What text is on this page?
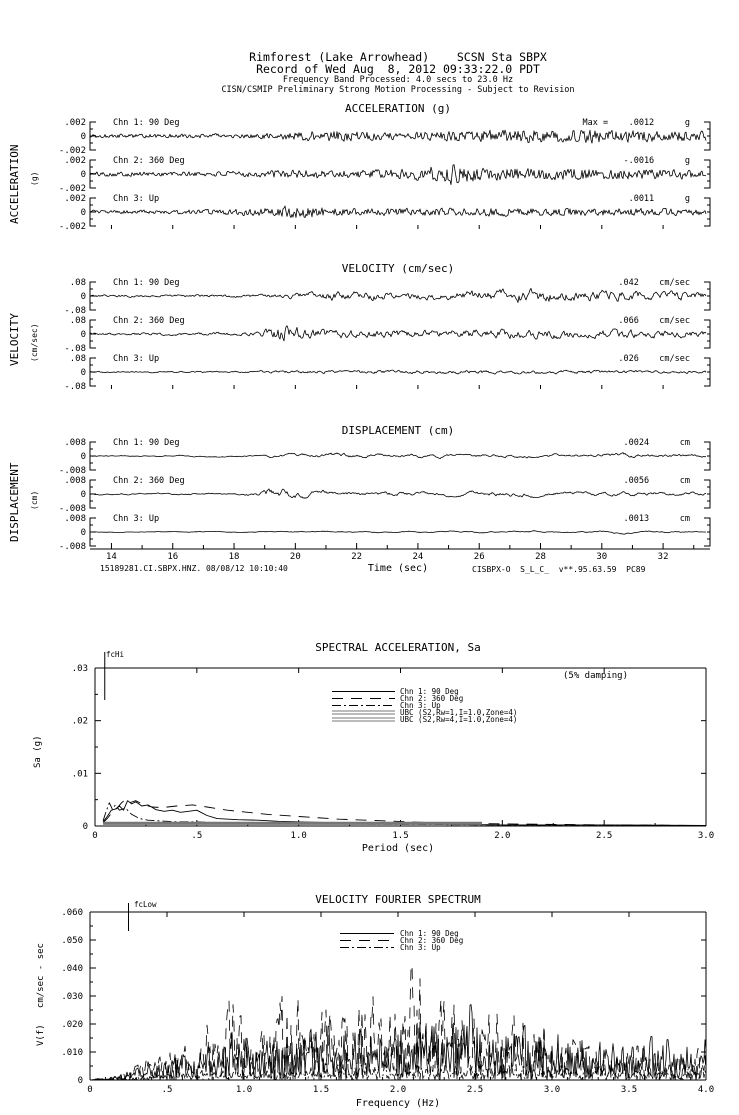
.002
0
-.002
.002
0
-.002
.002
0
-.002
.08
0
-.08
.08
0
-.08
.08
0
-.08
.008
0
-.008
.008
0
-.008
.008
0
-.008
14	16	18	20	22	24	26	28	30	32
.03
.02
.01
0
0	.5	1.0	1.5	2.0	2.5	3.0
.060
.050
.040
.030
.020
.010
0
0	.5	1.0	1.5	2.0	2.5	3.0	3.5	4.0
Rimforest (Lake Arrowhead)    SCSN Sta SBPX
Record of Wed Aug  8, 2012 09:33:22.0 PDT
Frequency Band Processed: 4.0 secs to 23.0 Hz
CISN/CSMIP Preliminary Strong Motion Processing - Subject to Revision
ACCELERATION (g)
VELOCITY (cm/sec)
DISPLACEMENT (cm)
ACCELERATION (g)
VELOCITY (cm/sec)
DISPLACEMENT (cm)
Chn 1: 90 Deg
Chn 2: 360 Deg
Chn 3: Up
Chn 1: 90 Deg
Chn 2: 360 Deg
Chn 3: Up
Chn 1: 90 Deg
Chn 2: 360 Deg
Chn 3: Up
Max =    .0012      g
-.0016      g
.0011      g
.042    cm/sec
.066    cm/sec
.026    cm/sec
.0024      cm
.0056      cm
.0013      cm
15189281.CI.SBPX.HNZ. 08/08/12 10:10:40	Time (sec)	CISBPX-O  S_L_C_  v**.95.63.59  PC89
SPECTRAL ACCELERATION, Sa
(5% damping)
fcHi
Period (sec)
Sa (g)
Chn 1: 90 Deg
Chn 2: 360 Deg
Chn 3: Up
UBC (S2,Rw=1,I=1.0,Zone=4)
UBC (S2,Rw=4,I=1.0,Zone=4)
VELOCITY FOURIER SPECTRUM
fcLow
Frequency (Hz)
V(f)   cm/sec - sec
Chn 1: 90 Deg
Chn 2: 360 Deg
Chn 3: Up
